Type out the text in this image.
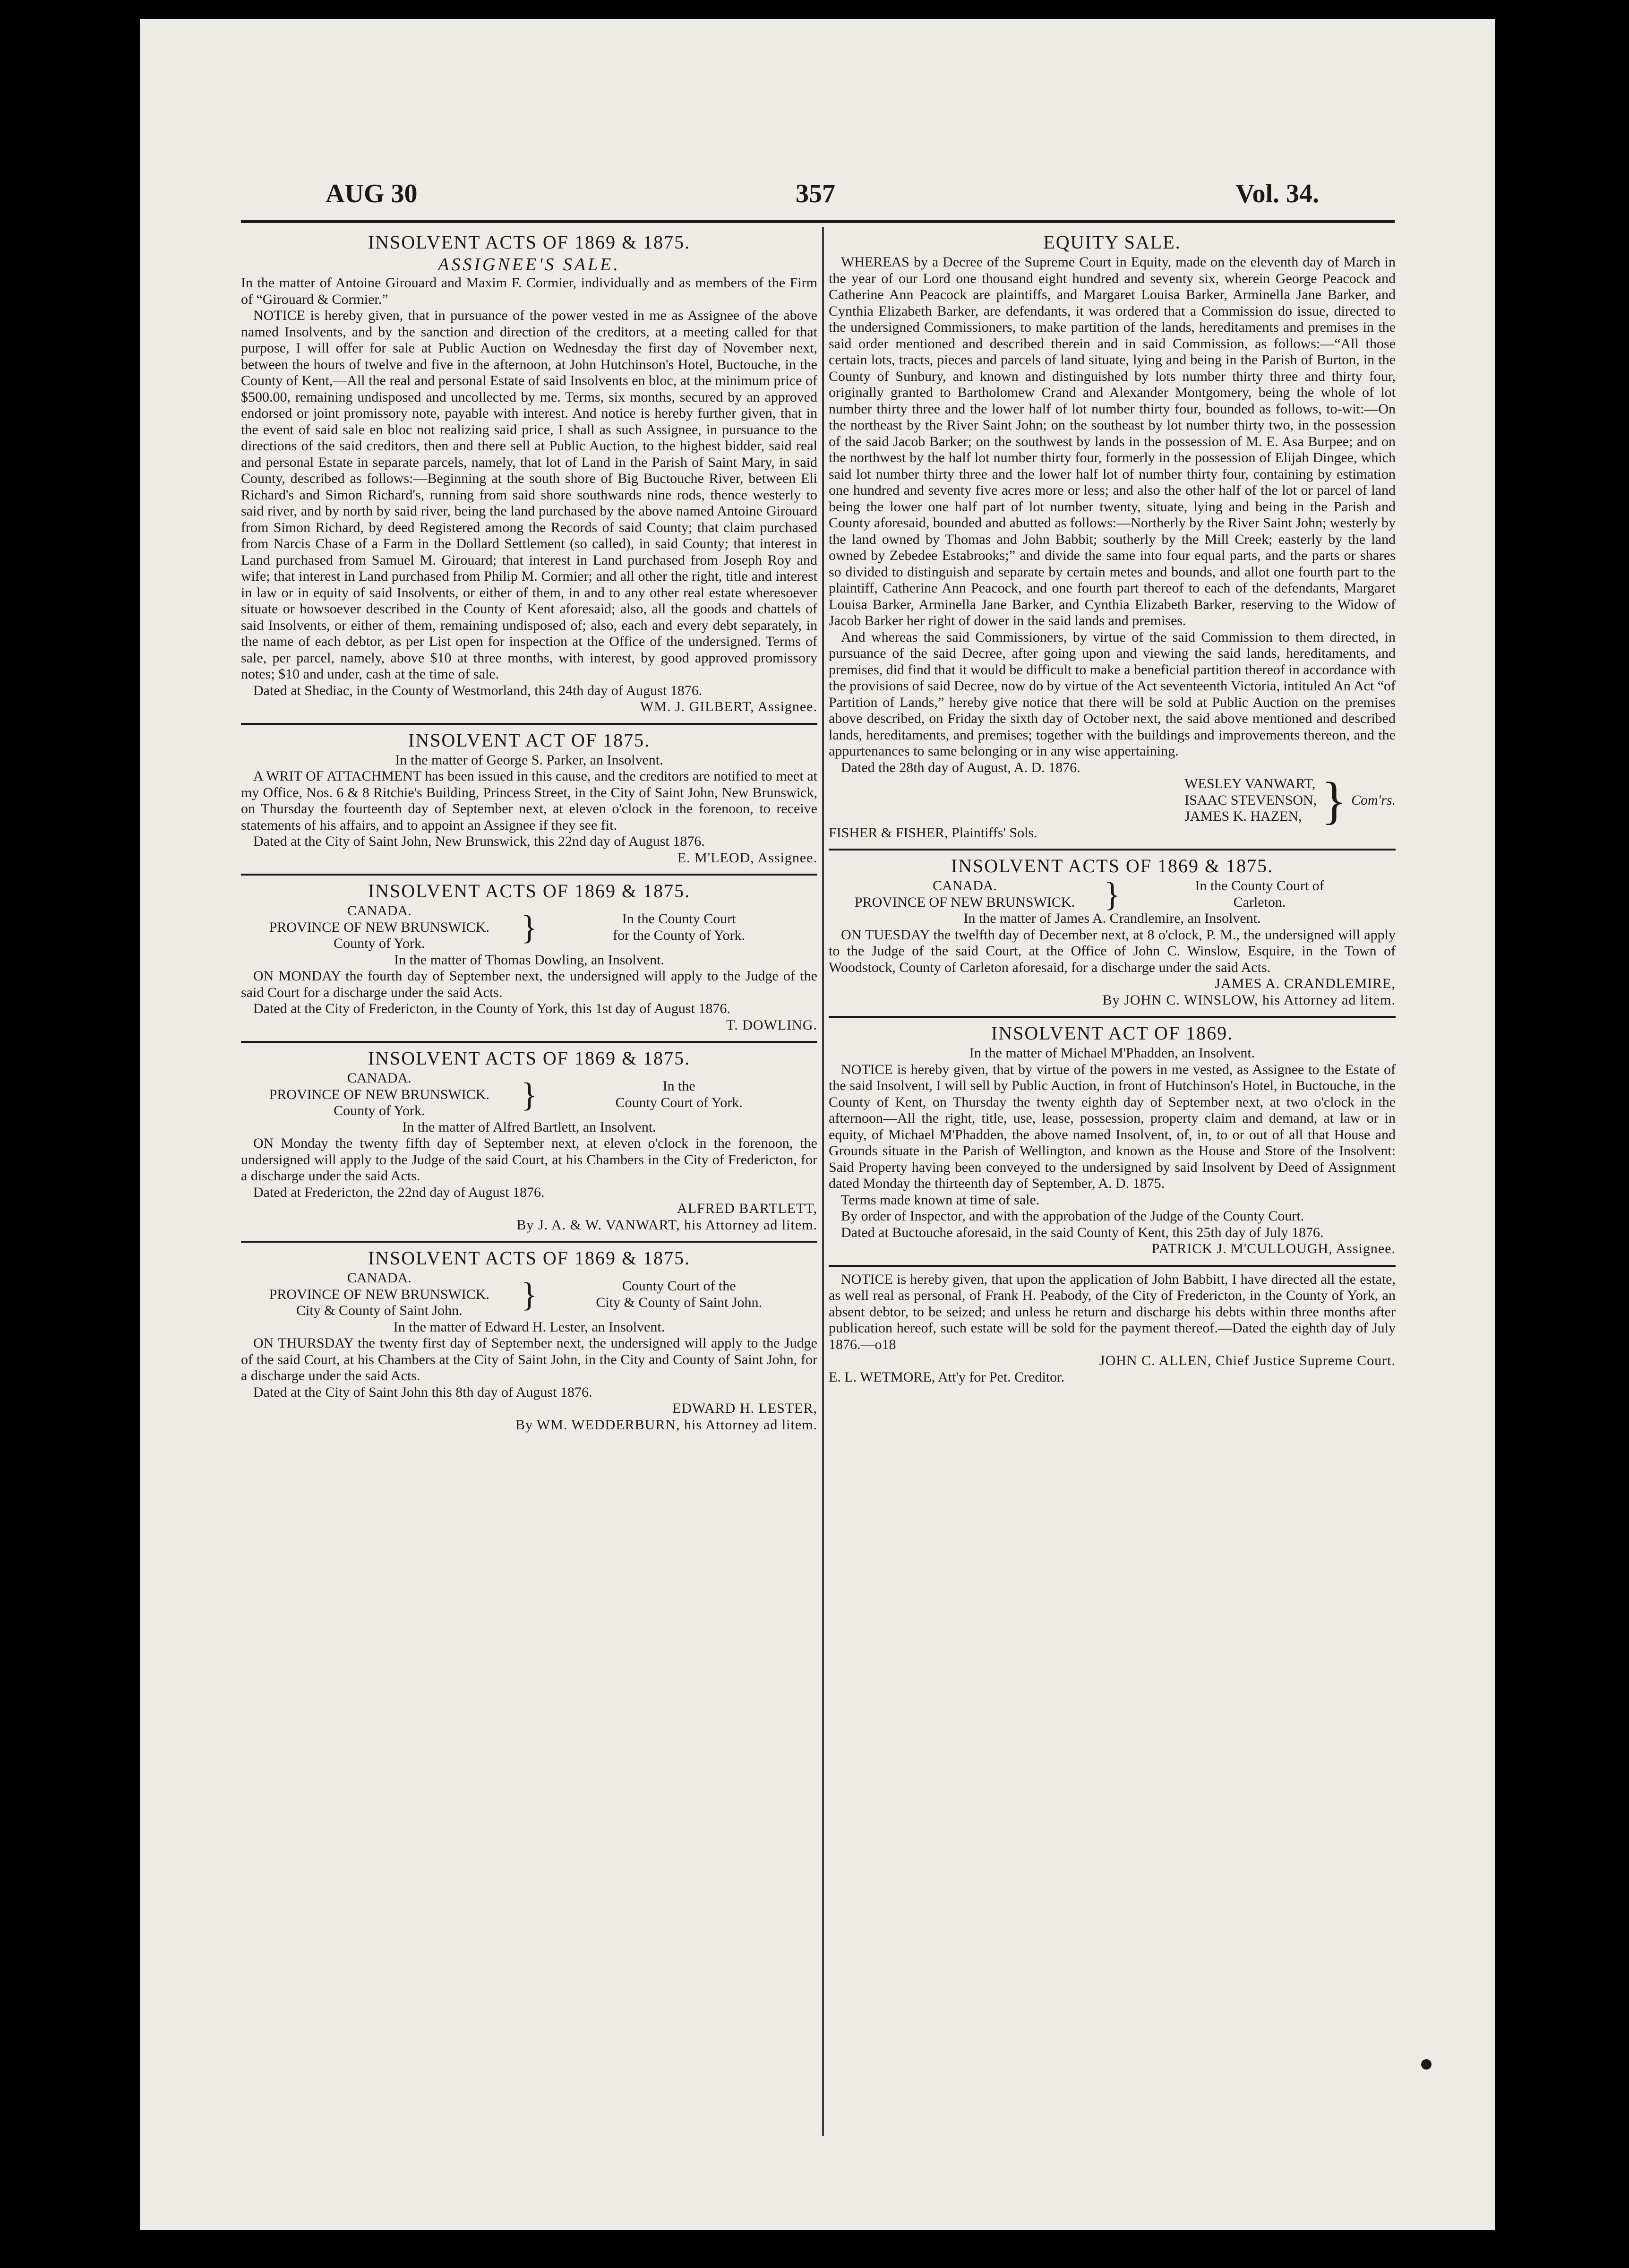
AUG 30	357	Vol. 34.
INSOLVENT ACTS OF 1869 & 1875.
ASSIGNEE'S SALE.

In the matter of Antoine Girouard and Maxim F. Cormier, individually and as members of the Firm of “Girouard & Cormier.”

NOTICE is hereby given, that in pursuance of the power vested in me as Assignee of the above named Insolvents, and by the sanction and direction of the creditors, at a meeting called for that purpose, I will offer for sale at Public Auction on Wednesday the first day of November next, between the hours of twelve and five in the afternoon, at John Hutchinson's Hotel, Buctouche, in the County of Kent,—All the real and personal Estate of said Insolvents en bloc, at the minimum price of $500.00, remaining undisposed and uncollected by me. Terms, six months, secured by an approved endorsed or joint promissory note, payable with interest. And notice is hereby further given, that in the event of said sale en bloc not realizing said price, I shall as such Assignee, in pursuance to the directions of the said creditors, then and there sell at Public Auction, to the highest bidder, said real and personal Estate in separate parcels, namely, that lot of Land in the Parish of Saint Mary, in said County, described as follows:—Beginning at the south shore of Big Buctouche River, between Eli Richard's and Simon Richard's, running from said shore southwards nine rods, thence westerly to said river, and by north by said river, being the land purchased by the above named Antoine Girouard from Simon Richard, by deed Registered among the Records of said County; that claim purchased from Narcis Chase of a Farm in the Dollard Settlement (so called), in said County; that interest in Land purchased from Samuel M. Girouard; that interest in Land purchased from Joseph Roy and wife; that interest in Land purchased from Philip M. Cormier; and all other the right, title and interest in law or in equity of said Insolvents, or either of them, in and to any other real estate wheresoever situate or howsoever described in the County of Kent aforesaid; also, all the goods and chattels of said Insolvents, or either of them, remaining undisposed of; also, each and every debt separately, in the name of each debtor, as per List open for inspection at the Office of the undersigned. Terms of sale, per parcel, namely, above $10 at three months, with interest, by good approved promissory notes; $10 and under, cash at the time of sale.

Dated at Shediac, in the County of Westmorland, this 24th day of August 1876.

WM. J. GILBERT, Assignee.

INSOLVENT ACT OF 1875.

In the matter of George S. Parker, an Insolvent.

A WRIT OF ATTACHMENT has been issued in this cause, and the creditors are notified to meet at my Office, Nos. 6 & 8 Ritchie's Building, Princess Street, in the City of Saint John, New Brunswick, on Thursday the fourteenth day of September next, at eleven o'clock in the forenoon, to receive statements of his affairs, and to appoint an Assignee if they see fit.

Dated at the City of Saint John, New Brunswick, this 22nd day of August 1876.

E. M'LEOD, Assignee.

INSOLVENT ACTS OF 1869 & 1875.
CANADA.
PROVINCE OF NEW BRUNSWICK.
County of York.	}	In the County Court
for the County of York.

In the matter of Thomas Dowling, an Insolvent.

ON MONDAY the fourth day of September next, the undersigned will apply to the Judge of the said Court for a discharge under the said Acts.

Dated at the City of Fredericton, in the County of York, this 1st day of August 1876.

T. DOWLING.

INSOLVENT ACTS OF 1869 & 1875.
CANADA.
PROVINCE OF NEW BRUNSWICK.
County of York.	}	In the
County Court of York.

In the matter of Alfred Bartlett, an Insolvent.

ON Monday the twenty fifth day of September next, at eleven o'clock in the forenoon, the undersigned will apply to the Judge of the said Court, at his Chambers in the City of Fredericton, for a discharge under the said Acts.

Dated at Fredericton, the 22nd day of August 1876.

ALFRED BARTLETT,

By J. A. & W. VANWART, his Attorney ad litem.

INSOLVENT ACTS OF 1869 & 1875.
CANADA.
PROVINCE OF NEW BRUNSWICK.
City & County of Saint John.	}	County Court of the
City & County of Saint John.

In the matter of Edward H. Lester, an Insolvent.

ON THURSDAY the twenty first day of September next, the undersigned will apply to the Judge of the said Court, at his Chambers at the City of Saint John, in the City and County of Saint John, for a discharge under the said Acts.

Dated at the City of Saint John this 8th day of August 1876.

EDWARD H. LESTER,

By WM. WEDDERBURN, his Attorney ad litem.

EQUITY SALE.

WHEREAS by a Decree of the Supreme Court in Equity, made on the eleventh day of March in the year of our Lord one thousand eight hundred and seventy six, wherein George Peacock and Catherine Ann Peacock are plaintiffs, and Margaret Louisa Barker, Arminella Jane Barker, and Cynthia Elizabeth Barker, are defendants, it was ordered that a Commission do issue, directed to the undersigned Commissioners, to make partition of the lands, hereditaments and premises in the said order mentioned and described therein and in said Commission, as follows:—“All those certain lots, tracts, pieces and parcels of land situate, lying and being in the Parish of Burton, in the County of Sunbury, and known and distinguished by lots number thirty three and thirty four, originally granted to Bartholomew Crand and Alexander Montgomery, being the whole of lot number thirty three and the lower half of lot number thirty four, bounded as follows, to-wit:—On the northeast by the River Saint John; on the southeast by lot number thirty two, in the possession of the said Jacob Barker; on the southwest by lands in the possession of M. E. Asa Burpee; and on the northwest by the half lot number thirty four, formerly in the possession of Elijah Dingee, which said lot number thirty three and the lower half lot of number thirty four, containing by estimation one hundred and seventy five acres more or less; and also the other half of the lot or parcel of land being the lower one half part of lot number twenty, situate, lying and being in the Parish and County aforesaid, bounded and abutted as follows:—Northerly by the River Saint John; westerly by the land owned by Thomas and John Babbit; southerly by the Mill Creek; easterly by the land owned by Zebedee Estabrooks;” and divide the same into four equal parts, and the parts or shares so divided to distinguish and separate by certain metes and bounds, and allot one fourth part to the plaintiff, Catherine Ann Peacock, and one fourth part thereof to each of the defendants, Margaret Louisa Barker, Arminella Jane Barker, and Cynthia Elizabeth Barker, reserving to the Widow of Jacob Barker her right of dower in the said lands and premises.

And whereas the said Commissioners, by virtue of the said Commission to them directed, in pursuance of the said Decree, after going upon and viewing the said lands, hereditaments, and premises, did find that it would be difficult to make a beneficial partition thereof in accordance with the provisions of said Decree, now do by virtue of the Act seventeenth Victoria, intituled An Act “of Partition of Lands,” hereby give notice that there will be sold at Public Auction on the premises above described, on Friday the sixth day of October next, the said above mentioned and described lands, hereditaments, and premises; together with the buildings and improvements thereon, and the appurtenances to same belonging or in any wise appertaining.

Dated the 28th day of August, A. D. 1876.

WESLEY VANWART,
ISAAC STEVENSON,
JAMES K. HAZEN, } Com'rs.

FISHER & FISHER, Plaintiffs' Sols.

INSOLVENT ACTS OF 1869 & 1875.
CANADA.
PROVINCE OF NEW BRUNSWICK. }	In the County Court of
Carleton.

In the matter of James A. Crandlemire, an Insolvent.

ON TUESDAY the twelfth day of December next, at 8 o'clock, P. M., the undersigned will apply to the Judge of the said Court, at the Office of John C. Winslow, Esquire, in the Town of Woodstock, County of Carleton aforesaid, for a discharge under the said Acts.

JAMES A. CRANDLEMIRE,

By JOHN C. WINSLOW, his Attorney ad litem.

INSOLVENT ACT OF 1869.

In the matter of Michael M'Phadden, an Insolvent.

NOTICE is hereby given, that by virtue of the powers in me vested, as Assignee to the Estate of the said Insolvent, I will sell by Public Auction, in front of Hutchinson's Hotel, in Buctouche, in the County of Kent, on Thursday the twenty eighth day of September next, at two o'clock in the afternoon—All the right, title, use, lease, possession, property claim and demand, at law or in equity, of Michael M'Phadden, the above named Insolvent, of, in, to or out of all that House and Grounds situate in the Parish of Wellington, and known as the House and Store of the Insolvent: Said Property having been conveyed to the undersigned by said Insolvent by Deed of Assignment dated Monday the thirteenth day of September, A. D. 1875.

Terms made known at time of sale.

By order of Inspector, and with the approbation of the Judge of the County Court.

Dated at Buctouche aforesaid, in the said County of Kent, this 25th day of July 1876.

PATRICK J. M'CULLOUGH, Assignee.

NOTICE is hereby given, that upon the application of John Babbitt, I have directed all the estate, as well real as personal, of Frank H. Peabody, of the City of Fredericton, in the County of York, an absent debtor, to be seized; and unless he return and discharge his debts within three months after publication hereof, such estate will be sold for the payment thereof.—Dated the eighth day of July 1876.—o18

JOHN C. ALLEN, Chief Justice Supreme Court.

E. L. WETMORE, Att'y for Pet. Creditor.
